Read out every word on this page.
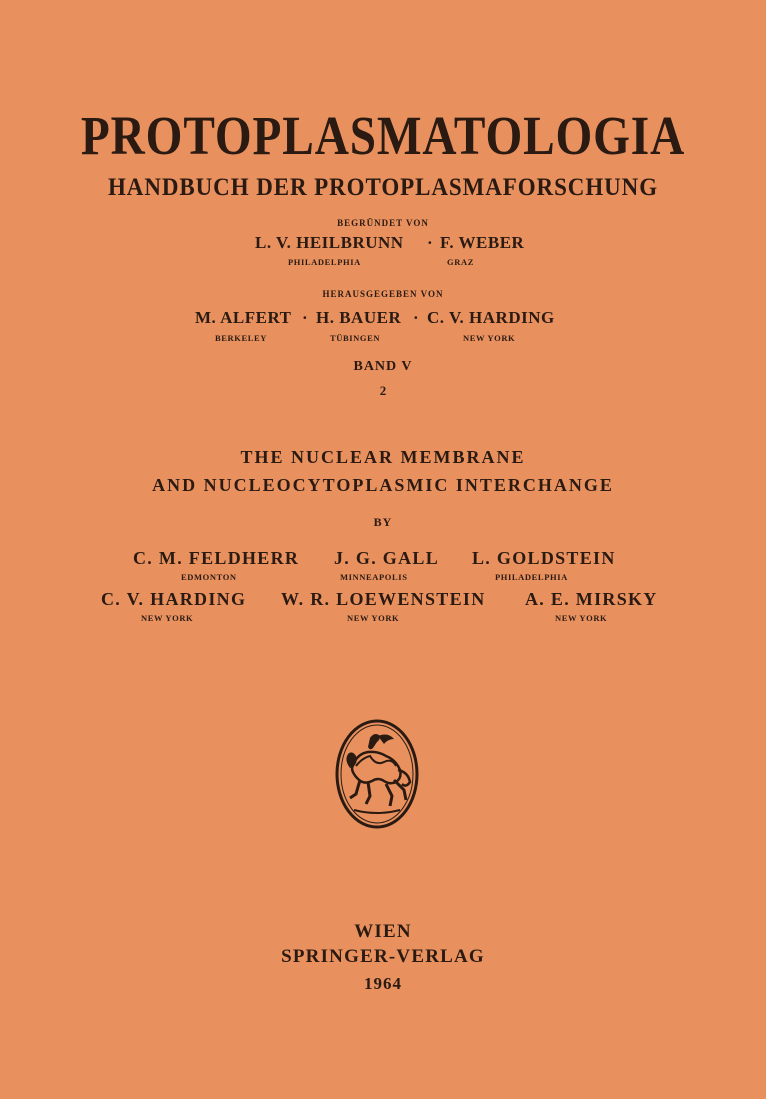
PROTOPLASMATOLOGIA
HANDBUCH DER PROTOPLASMAFORSCHUNG
BEGRÜNDET VON
L. V. HEILBRUNN · F. WEBER
PHILADELPHIA	GRAZ
HERAUSGEGEBEN VON
M. ALFERT · H. BAUER · C. V. HARDING
BERKELEY	TÜBINGEN	NEW YORK
BAND V
2
THE NUCLEAR MEMBRANE
AND NUCLEOCYTOPLASMIC INTERCHANGE
BY
C. M. FELDHERR
EDMONTON
J. G. GALL
MINNEAPOLIS
L. GOLDSTEIN
PHILADELPHIA
C. V. HARDING
NEW YORK
W. R. LOEWENSTEIN
NEW YORK
A. E. MIRSKY
NEW YORK
WIEN
SPRINGER-VERLAG
1964
